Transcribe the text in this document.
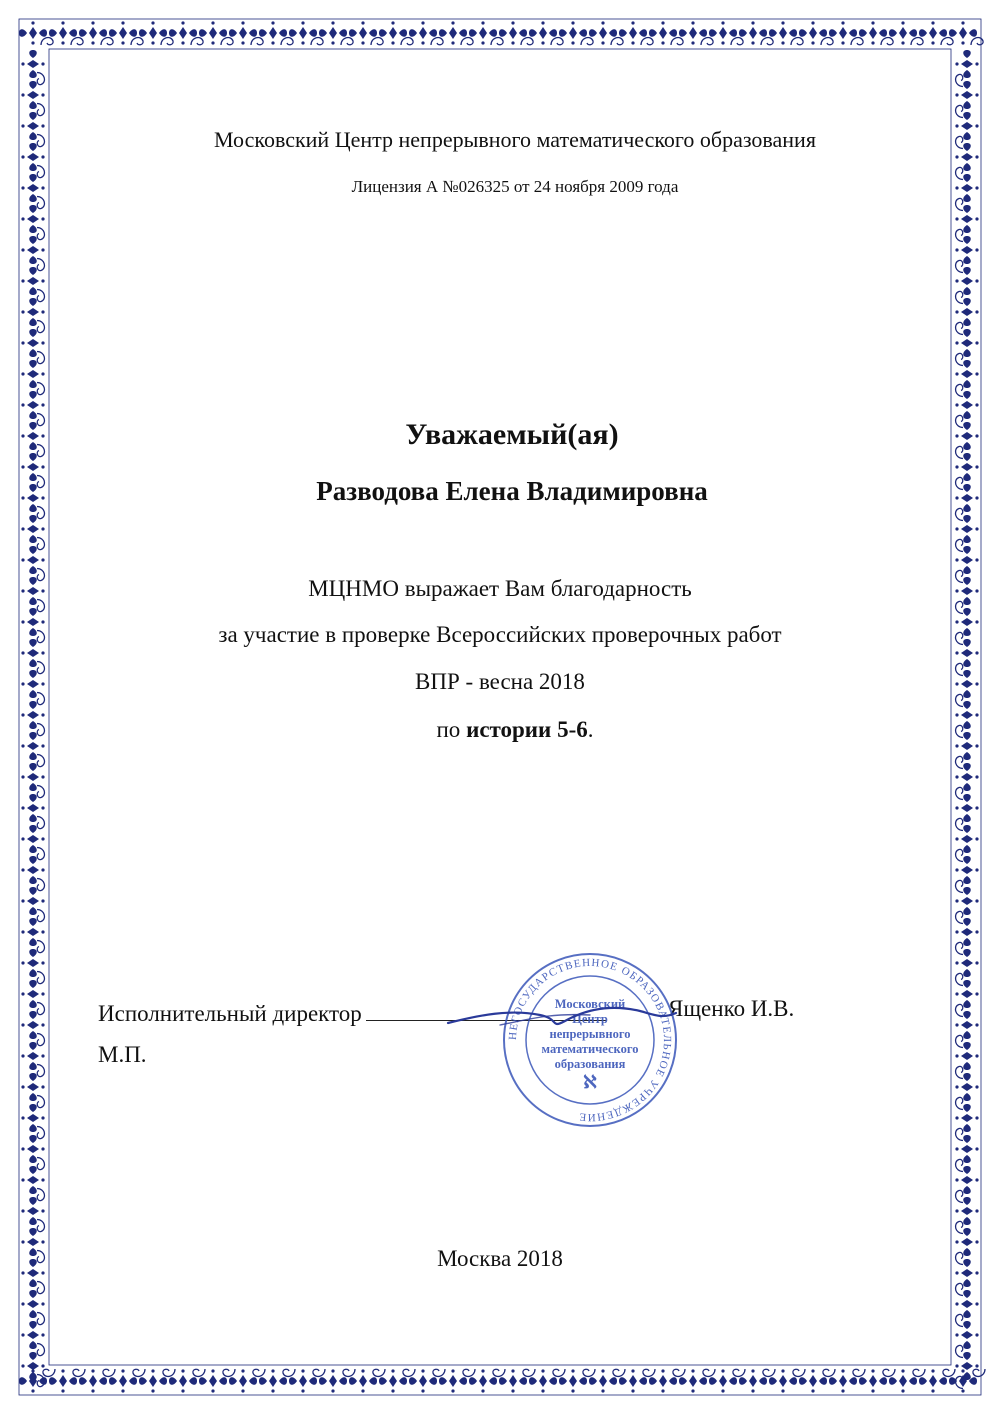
Московский Центр непрерывного математического образования

Лицензия А №026325 от 24 ноября 2009 года

Уважаемый(ая)

Разводова Елена Владимировна

МЦНМО выражает Вам благодарность

за участие в проверке Всероссийских проверочных работ

ВПР - весна 2018

по истории 5-6.

Исполнительный директор	Ященко И.В.
М.П.
НЕГОСУДАРСТВЕННОЕ ОБРАЗОВАТЕЛЬНОЕ УЧРЕЖДЕНИЕ
Московский
Центр
непрерывного
математического
образования
ℵ

Москва 2018
